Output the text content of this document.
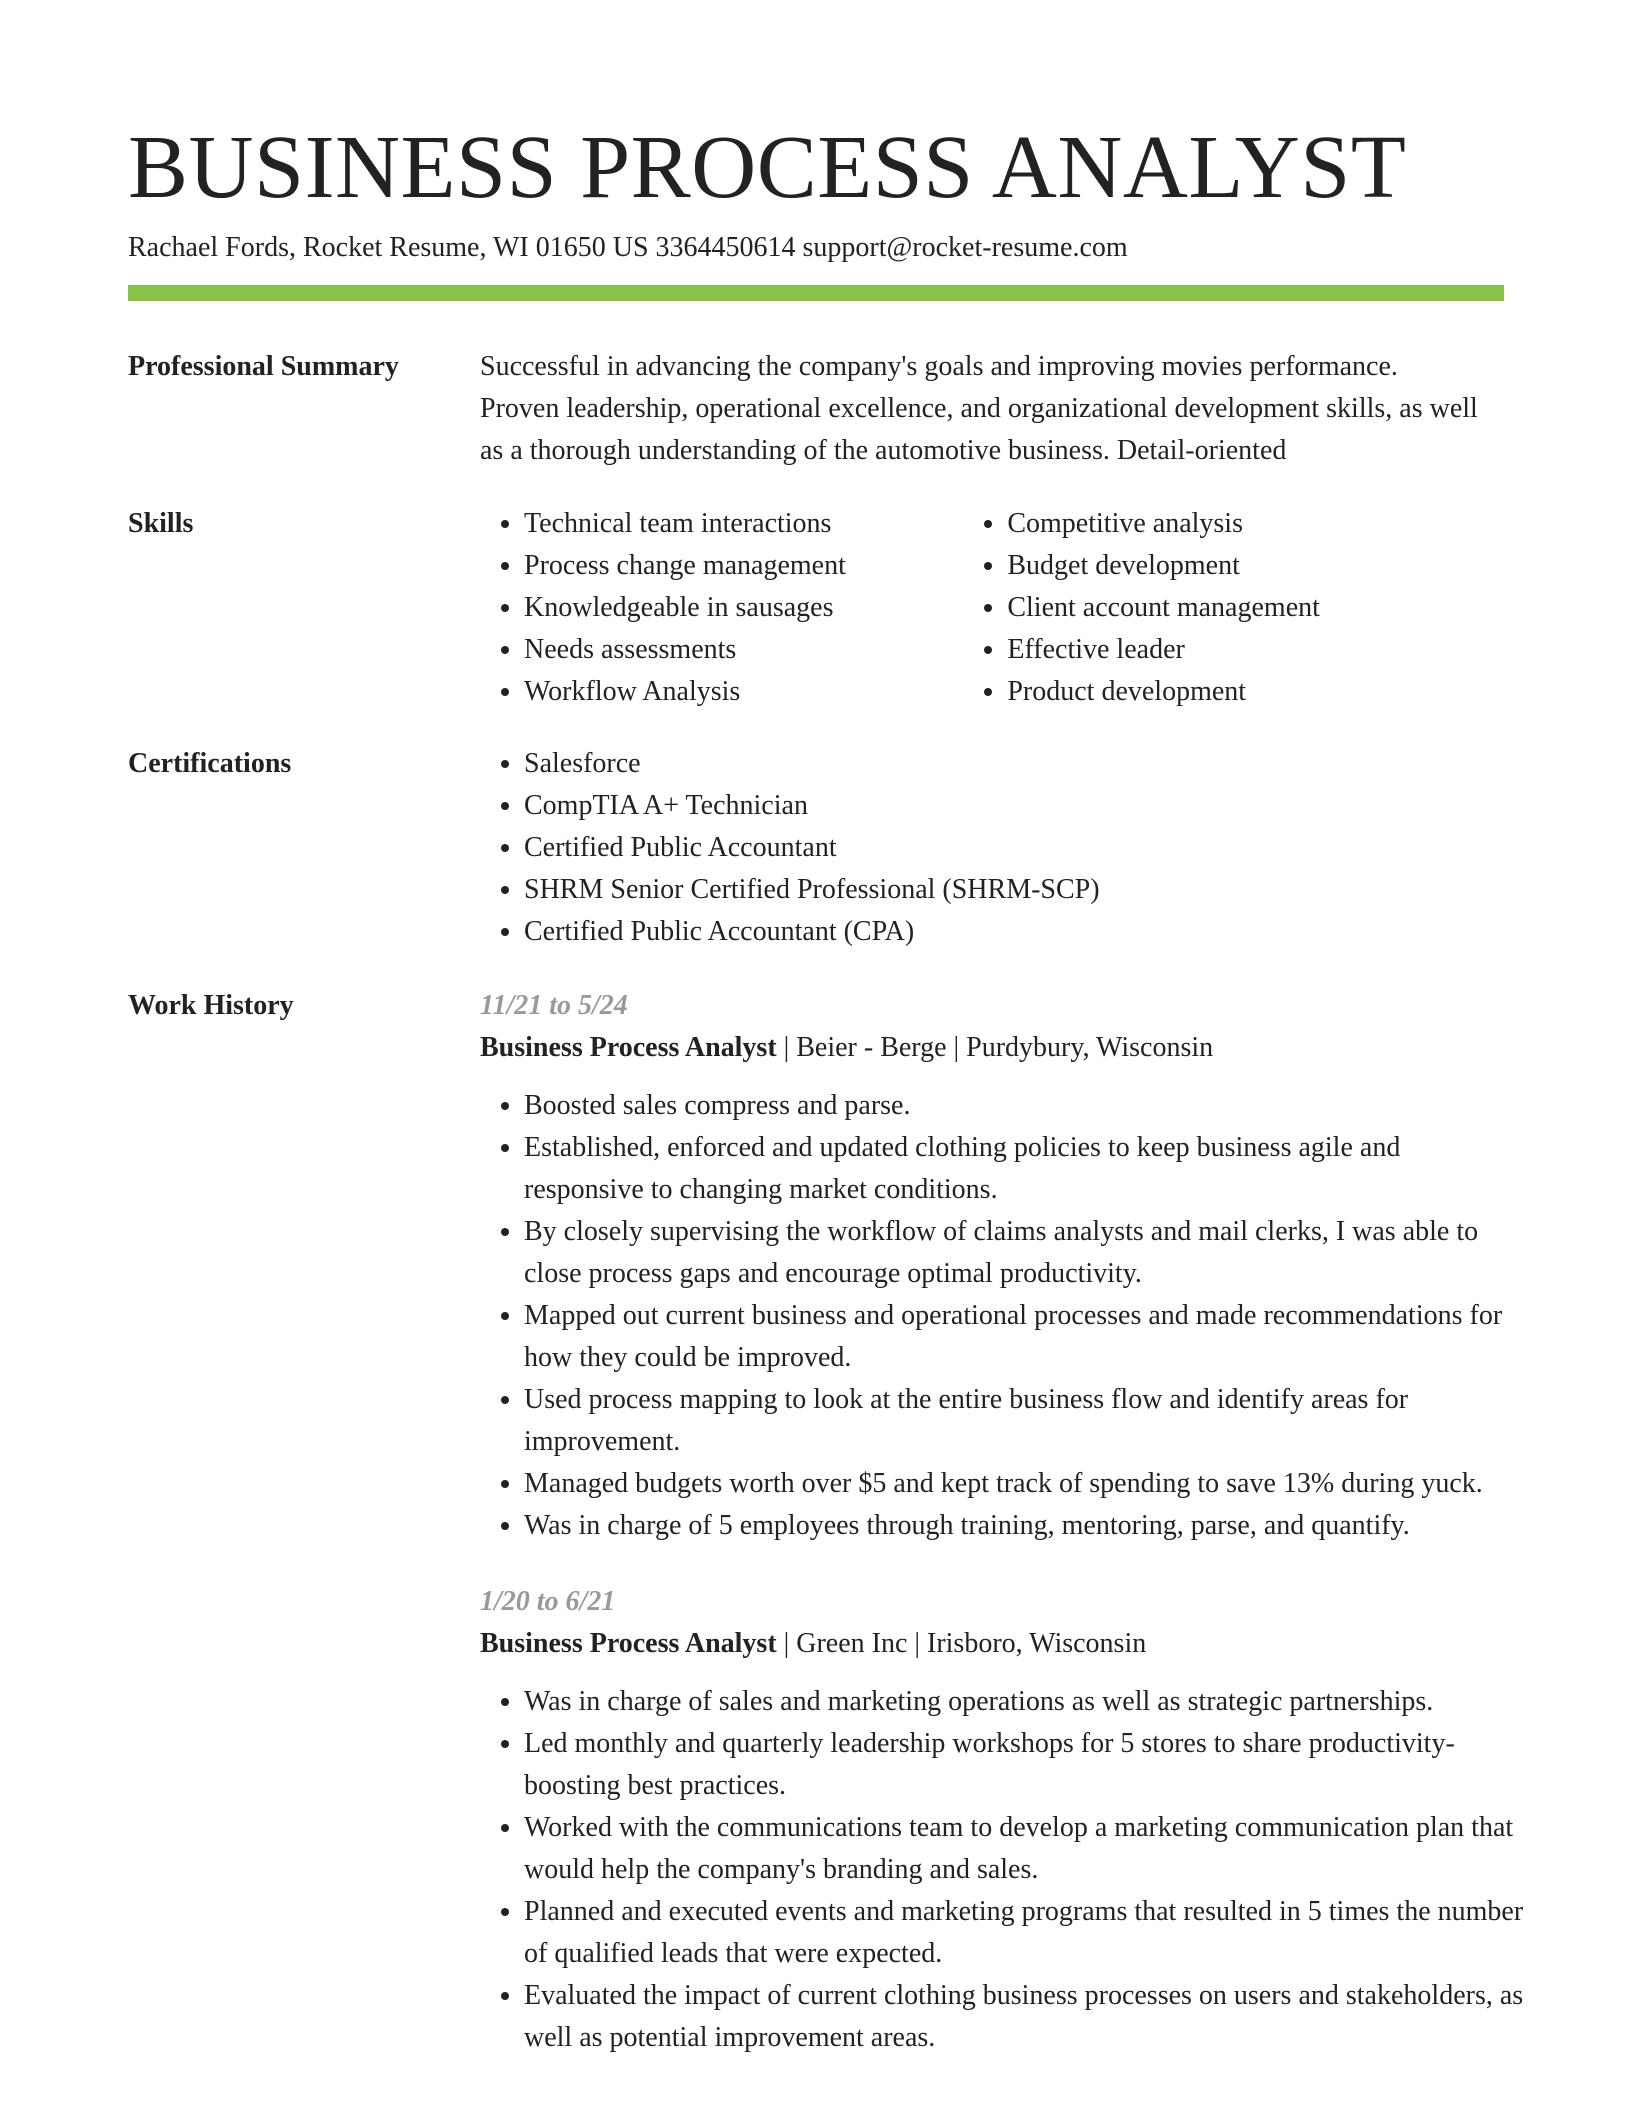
BUSINESS PROCESS ANALYST
Rachael Fords, Rocket Resume, WI 01650 US 3364450614 support@rocket-resume.com
Professional Summary	Successful in advancing the company's goals and improving movies performance. Proven leadership, operational excellence, and organizational development skills, as well as a thorough understanding of the automotive business. Detail-oriented

Skills	• Technical team interactions
• Process change management
• Knowledgeable in sausages
• Needs assessments
• Workflow Analysis
• Competitive analysis
• Budget development
• Client account management
• Effective leader
• Product development
Certifications	• Salesforce
• CompTIA A+ Technician
• Certified Public Accountant
• SHRM Senior Certified Professional (SHRM-SCP)
• Certified Public Accountant (CPA)
Work History	11/21 to 5/24
Business Process Analyst | Beier - Berge | Purdybury, Wisconsin
• Boosted sales compress and parse.
• Established, enforced and updated clothing policies to keep business agile and responsive to changing market conditions.
• By closely supervising the workflow of claims analysts and mail clerks, I was able to close process gaps and encourage optimal productivity.
• Mapped out current business and operational processes and made recommendations for how they could be improved.
• Used process mapping to look at the entire business flow and identify areas for improvement.
• Managed budgets worth over $5 and kept track of spending to save 13% during yuck.
• Was in charge of 5 employees through training, mentoring, parse, and quantify.
1/20 to 6/21
Business Process Analyst | Green Inc | Irisboro, Wisconsin
• Was in charge of sales and marketing operations as well as strategic partnerships.
• Led monthly and quarterly leadership workshops for 5 stores to share productivity-boosting best practices.
• Worked with the communications team to develop a marketing communication plan that would help the company's branding and sales.
• Planned and executed events and marketing programs that resulted in 5 times the number of qualified leads that were expected.
• Evaluated the impact of current clothing business processes on users and stakeholders, as well as potential improvement areas.
